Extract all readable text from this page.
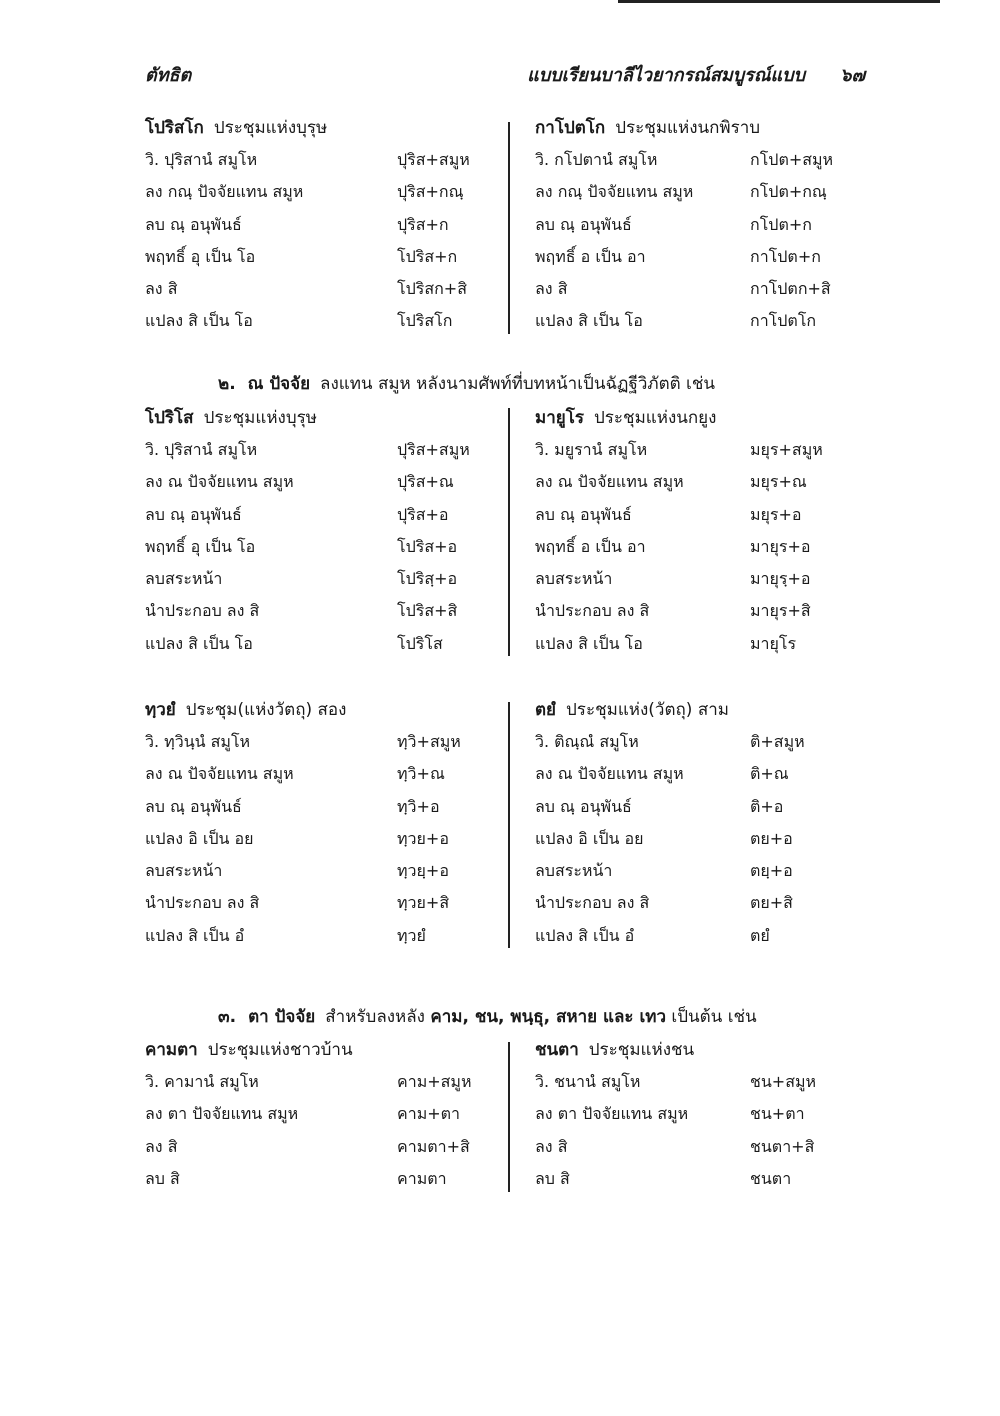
ตัทธิต	แบบเรียนบาลีไวยากรณ์สมบูรณ์แบบ ๖๗
โปริสโก ประชุมแห่งบุรุษ
วิ. ปุริสานํ สมูโห	ปุริส+สมูห
ลง กณฺ ปัจจัยแทน สมูห	ปุริส+กณฺ
ลบ ณฺ อนุพันธ์	ปุริส+ก
พฤทธิ์ อุ เป็น โอ	โปริส+ก
ลง สิ	โปริสก+สิ
แปลง สิ เป็น โอ	โปริสโก
กาโปตโก ประชุมแห่งนกพิราบ
วิ. กโปตานํ สมูโห	กโปต+สมูห
ลง กณฺ ปัจจัยแทน สมูห	กโปต+กณฺ
ลบ ณฺ อนุพันธ์	กโปต+ก
พฤทธิ์ อ เป็น อา	กาโปต+ก
ลง สิ	กาโปตก+สิ
แปลง สิ เป็น โอ	กาโปตโก
๒. ณ ปัจจัย ลงแทน สมูห หลังนามศัพท์ที่บทหน้าเป็นฉัฏฐีวิภัตติ เช่น
โปริโส ประชุมแห่งบุรุษ
วิ. ปุริสานํ สมูโห	ปุริส+สมูห
ลง ณ ปัจจัยแทน สมูห	ปุริส+ณ
ลบ ณฺ อนุพันธ์	ปุริส+อ
พฤทธิ์ อุ เป็น โอ	โปริส+อ
ลบสระหน้า	โปริสฺ+อ
นำประกอบ ลง สิ	โปริส+สิ
แปลง สิ เป็น โอ	โปริโส
มายูโร ประชุมแห่งนกยูง
วิ. มยูรานํ สมูโห	มยุร+สมูห
ลง ณ ปัจจัยแทน สมูห	มยุร+ณ
ลบ ณฺ อนุพันธ์	มยุร+อ
พฤทธิ์ อ เป็น อา	มายุร+อ
ลบสระหน้า	มายุรฺ+อ
นำประกอบ ลง สิ	มายุร+สิ
แปลง สิ เป็น โอ	มายุโร
ทฺวยํ ประชุม(แห่งวัตถุ) สอง
วิ. ทฺวินฺนํ สมูโห	ทฺวิ+สมูห
ลง ณ ปัจจัยแทน สมูห	ทฺวิ+ณ
ลบ ณฺ อนุพันธ์	ทฺวิ+อ
แปลง อิ เป็น อย	ทฺวย+อ
ลบสระหน้า	ทฺวยฺ+อ
นำประกอบ ลง สิ	ทฺวย+สิ
แปลง สิ เป็น อํ	ทฺวยํ
ตยํ ประชุมแห่ง(วัตถุ) สาม
วิ. ติณฺณํ สมูโห	ติ+สมูห
ลง ณ ปัจจัยแทน สมูห	ติ+ณ
ลบ ณฺ อนุพันธ์	ติ+อ
แปลง อิ เป็น อย	ตย+อ
ลบสระหน้า	ตยฺ+อ
นำประกอบ ลง สิ	ตย+สิ
แปลง สิ เป็น อํ	ตยํ
๓. ตา ปัจจัย สำหรับลงหลัง คาม, ชน, พนฺธุ, สหาย และ เทว เป็นต้น เช่น
คามตา ประชุมแห่งชาวบ้าน
วิ. คามานํ สมูโห	คาม+สมูห
ลง ตา ปัจจัยแทน สมูห	คาม+ตา
ลง สิ	คามตา+สิ
ลบ สิ	คามตา
ชนตา ประชุมแห่งชน
วิ. ชนานํ สมูโห	ชน+สมูห
ลง ตา ปัจจัยแทน สมูห	ชน+ตา
ลง สิ	ชนตา+สิ
ลบ สิ	ชนตา
